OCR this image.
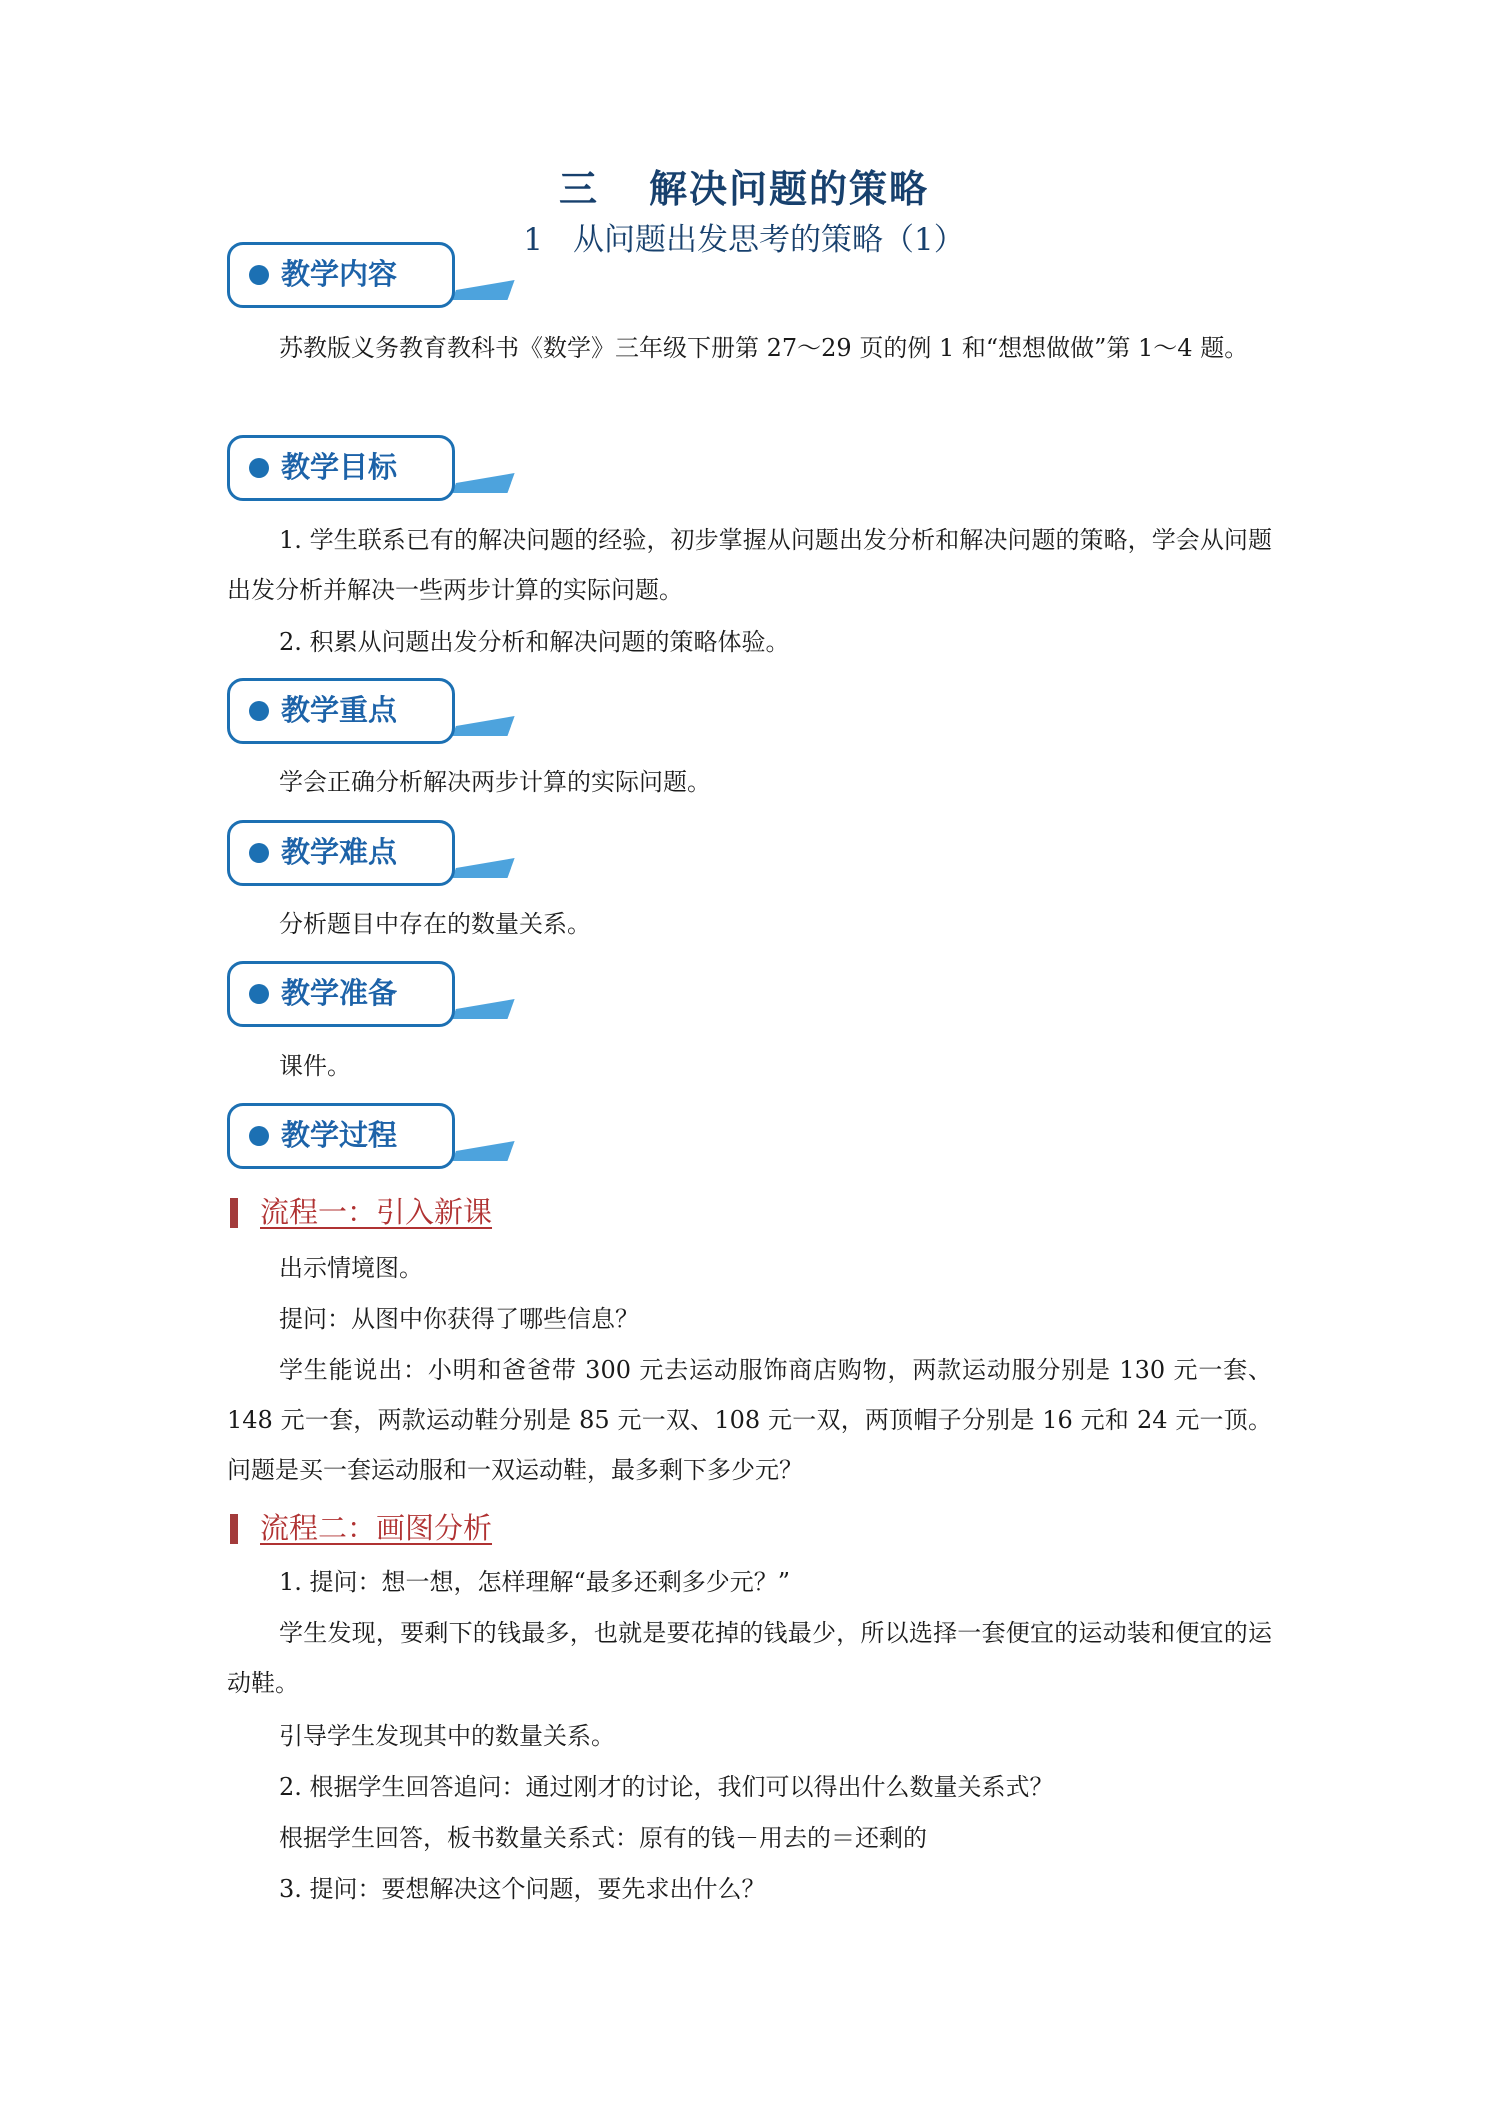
三 解决问题的策略
1 从问题出发思考的策略（1）
教学内容
苏教版义务教育教科书《数学》三年级下册第 27～29 页的例 1 和“想想做做”第 1～4 题。
教学目标
1. 学生联系已有的解决问题的经验，初步掌握从问题出发分析和解决问题的策略，学会从问题出发分析并解决一些两步计算的实际问题。
2. 积累从问题出发分析和解决问题的策略体验。
教学重点
学会正确分析解决两步计算的实际问题。
教学难点
分析题目中存在的数量关系。
教学准备
课件。
教学过程
流程一：引入新课
出示情境图。
提问：从图中你获得了哪些信息？
学生能说出：小明和爸爸带 300 元去运动服饰商店购物，两款运动服分别是 130 元一套、148 元一套，两款运动鞋分别是 85 元一双、108 元一双，两顶帽子分别是 16 元和 24 元一顶。问题是买一套运动服和一双运动鞋，最多剩下多少元？
流程二：画图分析
1. 提问：想一想，怎样理解“最多还剩多少元？”
学生发现，要剩下的钱最多，也就是要花掉的钱最少，所以选择一套便宜的运动装和便宜的运动鞋。
引导学生发现其中的数量关系。
2. 根据学生回答追问：通过刚才的讨论，我们可以得出什么数量关系式？
根据学生回答，板书数量关系式：原有的钱－用去的＝还剩的
3. 提问：要想解决这个问题，要先求出什么？
